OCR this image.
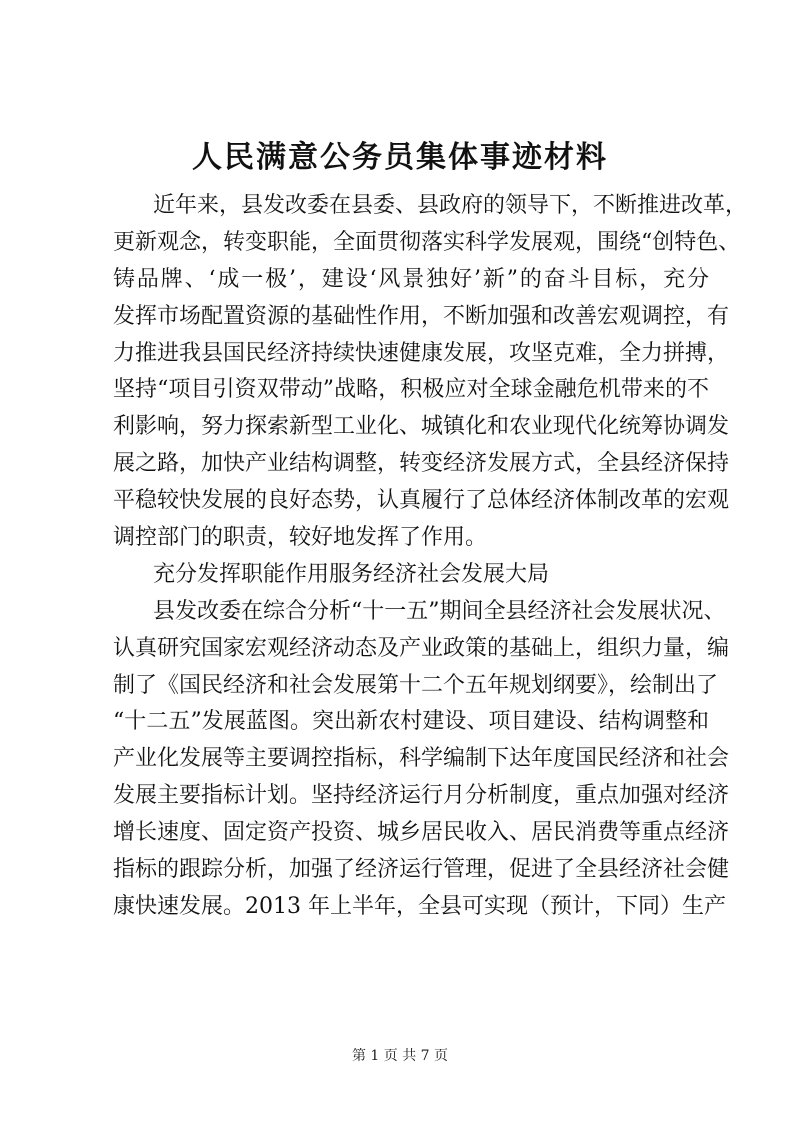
人民满意公务员集体事迹材料
近年来，县发改委在县委、县政府的领导下，不断推进改革，
更新观念，转变职能，全面贯彻落实科学发展观，围绕“创特色、
铸品牌、‘成一极’，建设‘风景独好’新”的奋斗目标，充分
发挥市场配置资源的基础性作用，不断加强和改善宏观调控，有
力推进我县国民经济持续快速健康发展，攻坚克难，全力拼搏，
坚持“项目引资双带动”战略，积极应对全球金融危机带来的不
利影响，努力探索新型工业化、城镇化和农业现代化统筹协调发
展之路，加快产业结构调整，转变经济发展方式，全县经济保持
平稳较快发展的良好态势，认真履行了总体经济体制改革的宏观
调控部门的职责，较好地发挥了作用。
充分发挥职能作用服务经济社会发展大局
县发改委在综合分析“十一五”期间全县经济社会发展状况、
认真研究国家宏观经济动态及产业政策的基础上，组织力量，编
制了《国民经济和社会发展第十二个五年规划纲要》，绘制出了
“十二五”发展蓝图。突出新农村建设、项目建设、结构调整和
产业化发展等主要调控指标，科学编制下达年度国民经济和社会
发展主要指标计划。坚持经济运行月分析制度，重点加强对经济
增长速度、固定资产投资、城乡居民收入、居民消费等重点经济
指标的跟踪分析，加强了经济运行管理，促进了全县经济社会健
康快速发展。2013 年上半年，全县可实现（预计，下同）生产
第 1 页 共 7 页
